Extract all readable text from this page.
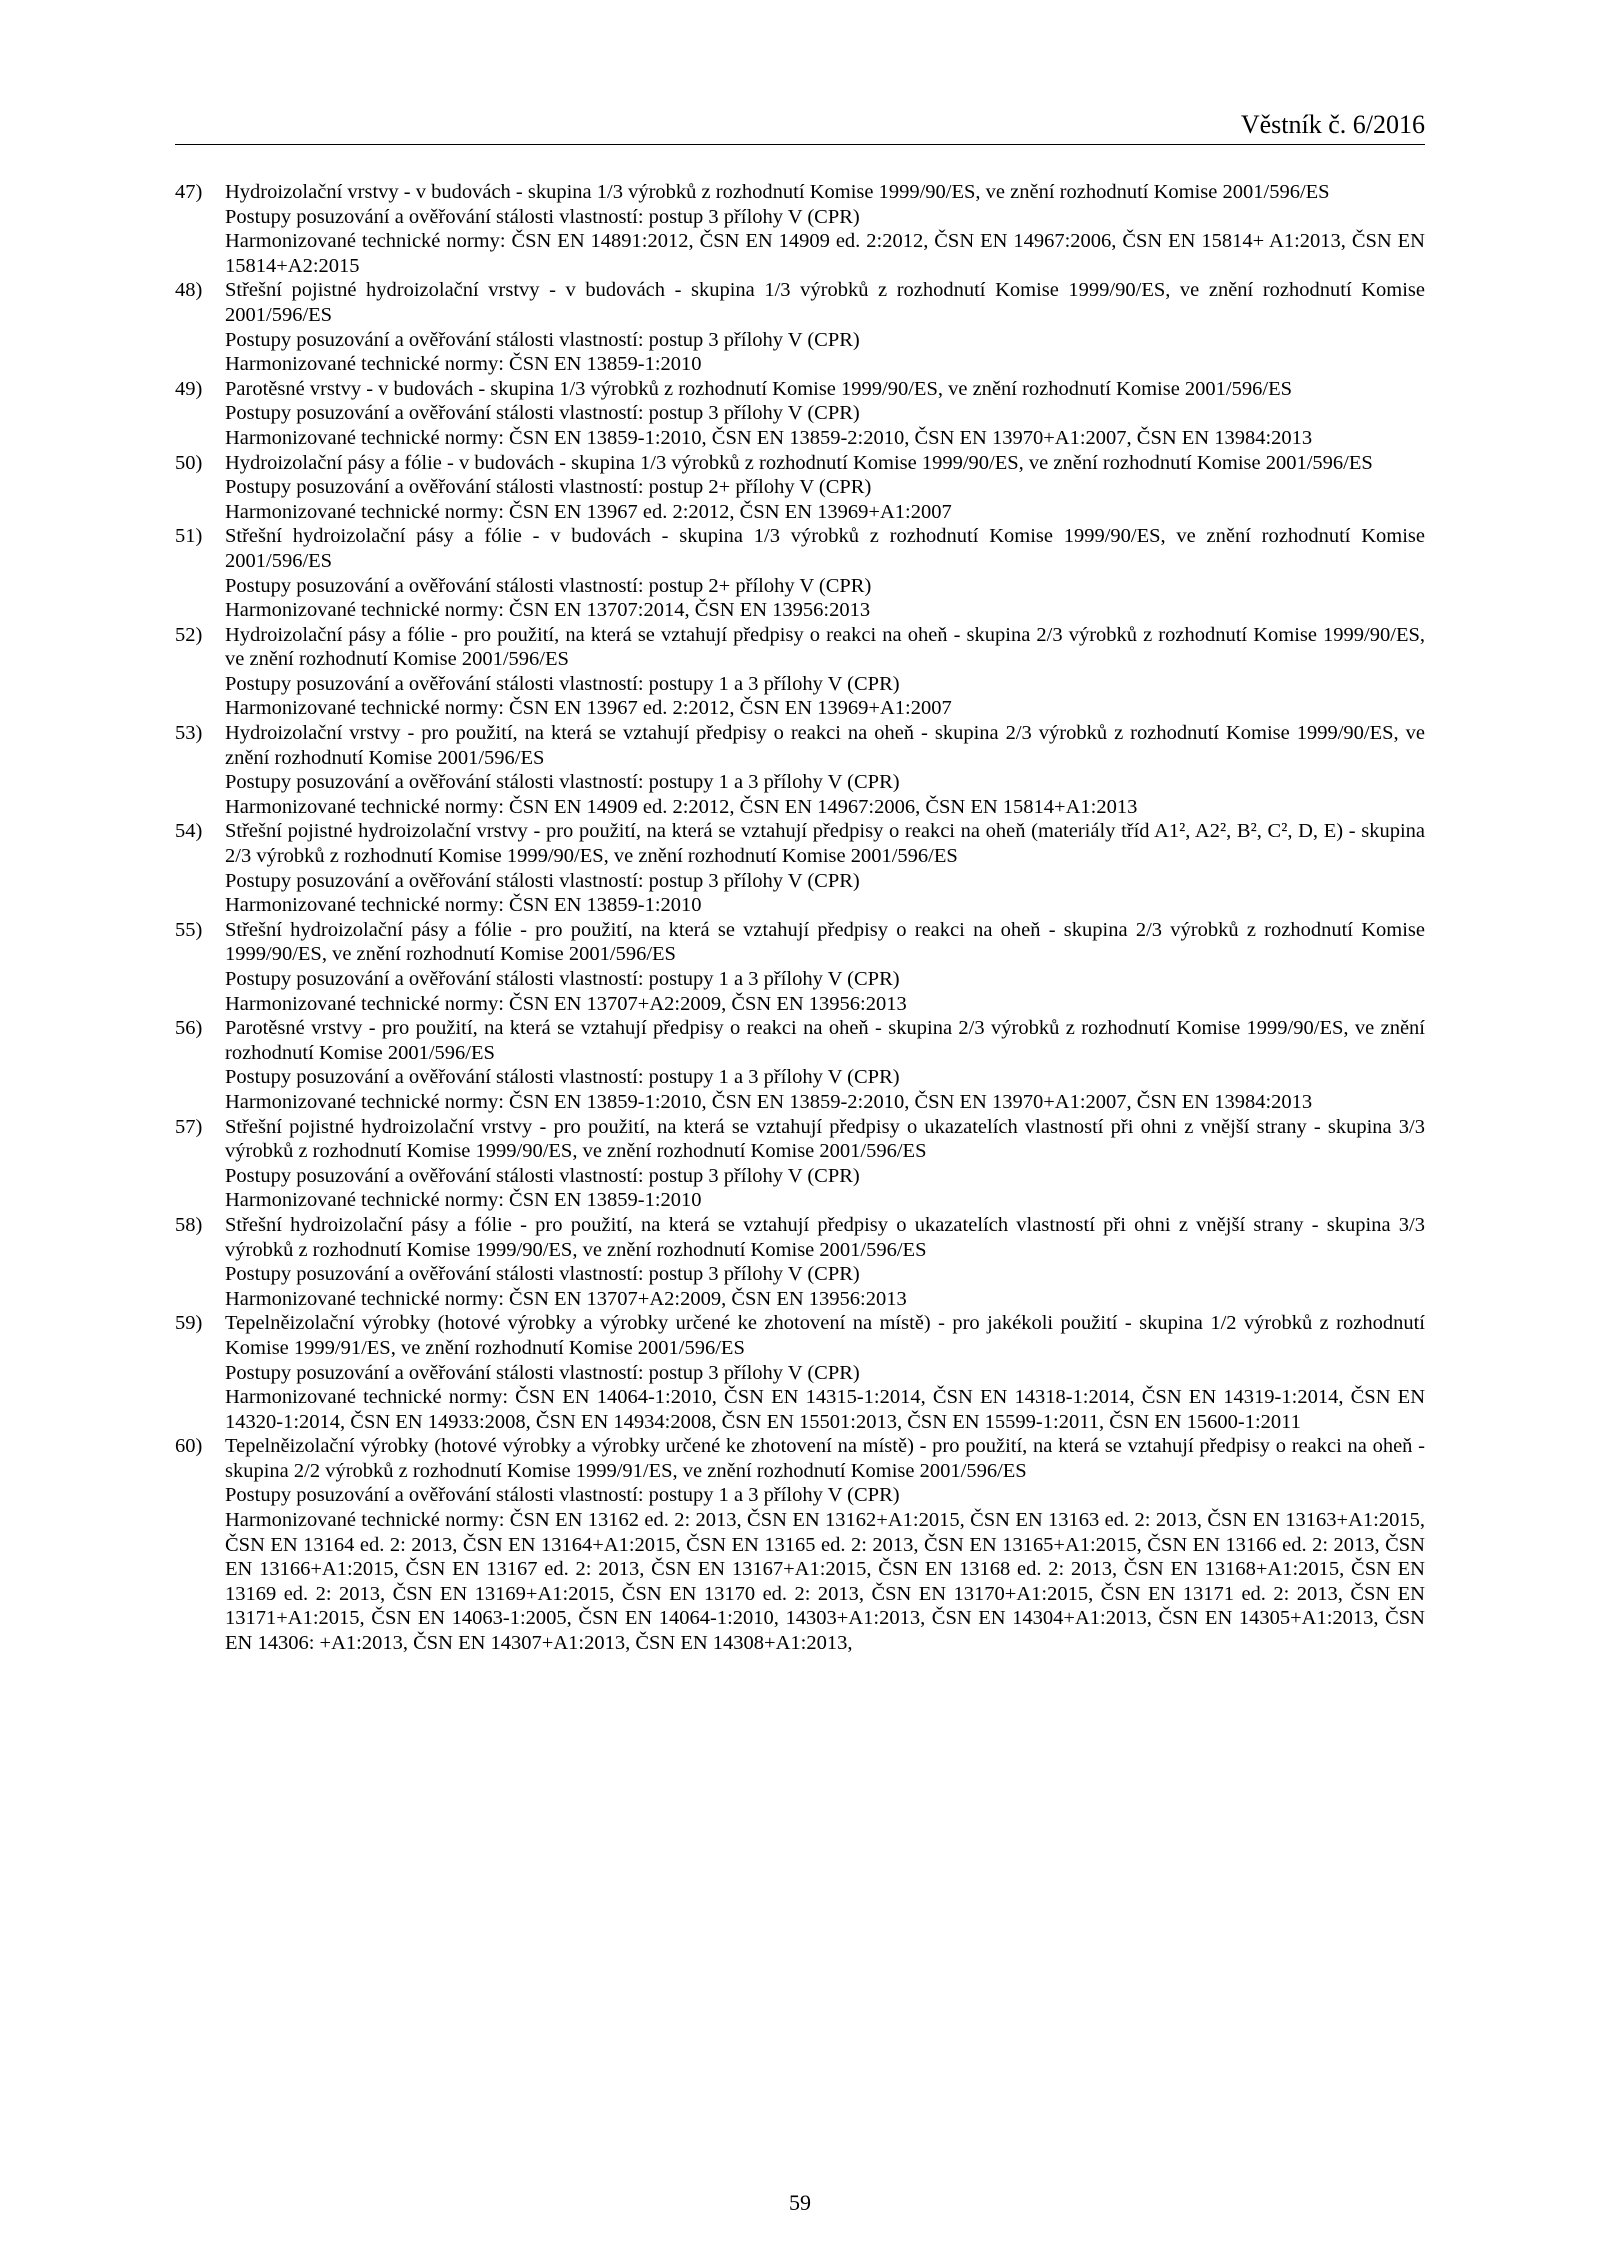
Věstník č. 6/2016
47) Hydroizolační vrstvy - v budovách - skupina 1/3 výrobků z rozhodnutí Komise 1999/90/ES, ve znění rozhodnutí Komise 2001/596/ES

Postupy posuzování a ověřování stálosti vlastností: postup 3 přílohy V (CPR)

Harmonizované technické normy: ČSN EN 14891:2012, ČSN EN 14909 ed. 2:2012, ČSN EN 14967:2006, ČSN EN 15814+ A1:2013, ČSN EN 15814+A2:2015

48) Střešní pojistné hydroizolační vrstvy - v budovách - skupina 1/3 výrobků z rozhodnutí Komise 1999/90/ES, ve znění rozhodnutí Komise 2001/596/ES

Postupy posuzování a ověřování stálosti vlastností: postup 3 přílohy V (CPR)

Harmonizované technické normy: ČSN EN 13859-1:2010

49) Parotěsné vrstvy - v budovách - skupina 1/3 výrobků z rozhodnutí Komise 1999/90/ES, ve znění rozhodnutí Komise 2001/596/ES

Postupy posuzování a ověřování stálosti vlastností: postup 3 přílohy V (CPR)

Harmonizované technické normy: ČSN EN 13859-1:2010, ČSN EN 13859-2:2010, ČSN EN 13970+A1:2007, ČSN EN 13984:2013

50) Hydroizolační pásy a fólie - v budovách - skupina 1/3 výrobků z rozhodnutí Komise 1999/90/ES, ve znění rozhodnutí Komise 2001/596/ES

Postupy posuzování a ověřování stálosti vlastností: postup 2+ přílohy V (CPR)

Harmonizované technické normy: ČSN EN 13967 ed. 2:2012, ČSN EN 13969+A1:2007

51) Střešní hydroizolační pásy a fólie - v budovách - skupina 1/3 výrobků z rozhodnutí Komise 1999/90/ES, ve znění rozhodnutí Komise 2001/596/ES

Postupy posuzování a ověřování stálosti vlastností: postup 2+ přílohy V (CPR)

Harmonizované technické normy: ČSN EN 13707:2014, ČSN EN 13956:2013

52) Hydroizolační pásy a fólie - pro použití, na která se vztahují předpisy o reakci na oheň - skupina 2/3 výrobků z rozhodnutí Komise 1999/90/ES, ve znění rozhodnutí Komise 2001/596/ES

Postupy posuzování a ověřování stálosti vlastností: postupy 1 a 3 přílohy V (CPR)

Harmonizované technické normy: ČSN EN 13967 ed. 2:2012, ČSN EN 13969+A1:2007

53) Hydroizolační vrstvy - pro použití, na která se vztahují předpisy o reakci na oheň - skupina 2/3 výrobků z rozhodnutí Komise 1999/90/ES, ve znění rozhodnutí Komise 2001/596/ES

Postupy posuzování a ověřování stálosti vlastností: postupy 1 a 3 přílohy V (CPR)

Harmonizované technické normy: ČSN EN 14909 ed. 2:2012, ČSN EN 14967:2006, ČSN EN 15814+A1:2013

54) Střešní pojistné hydroizolační vrstvy - pro použití, na která se vztahují předpisy o reakci na oheň (materiály tříd A1², A2², B², C², D, E) - skupina 2/3 výrobků z rozhodnutí Komise 1999/90/ES, ve znění rozhodnutí Komise 2001/596/ES

Postupy posuzování a ověřování stálosti vlastností: postup 3 přílohy V (CPR)

Harmonizované technické normy: ČSN EN 13859-1:2010

55) Střešní hydroizolační pásy a fólie - pro použití, na která se vztahují předpisy o reakci na oheň - skupina 2/3 výrobků z rozhodnutí Komise 1999/90/ES, ve znění rozhodnutí Komise 2001/596/ES

Postupy posuzování a ověřování stálosti vlastností: postupy 1 a 3 přílohy V (CPR)

Harmonizované technické normy: ČSN EN 13707+A2:2009, ČSN EN 13956:2013

56) Parotěsné vrstvy - pro použití, na která se vztahují předpisy o reakci na oheň - skupina 2/3 výrobků z rozhodnutí Komise 1999/90/ES, ve znění rozhodnutí Komise 2001/596/ES

Postupy posuzování a ověřování stálosti vlastností: postupy 1 a 3 přílohy V (CPR)

Harmonizované technické normy: ČSN EN 13859-1:2010, ČSN EN 13859-2:2010, ČSN EN 13970+A1:2007, ČSN EN 13984:2013

57) Střešní pojistné hydroizolační vrstvy - pro použití, na která se vztahují předpisy o ukazatelích vlastností při ohni z vnější strany - skupina 3/3 výrobků z rozhodnutí Komise 1999/90/ES, ve znění rozhodnutí Komise 2001/596/ES

Postupy posuzování a ověřování stálosti vlastností: postup 3 přílohy V (CPR)

Harmonizované technické normy: ČSN EN 13859-1:2010

58) Střešní hydroizolační pásy a fólie - pro použití, na která se vztahují předpisy o ukazatelích vlastností při ohni z vnější strany - skupina 3/3 výrobků z rozhodnutí Komise 1999/90/ES, ve znění rozhodnutí Komise 2001/596/ES

Postupy posuzování a ověřování stálosti vlastností: postup 3 přílohy V (CPR)

Harmonizované technické normy: ČSN EN 13707+A2:2009, ČSN EN 13956:2013

59) Tepelněizolační výrobky (hotové výrobky a výrobky určené ke zhotovení na místě) - pro jakékoli použití - skupina 1/2 výrobků z rozhodnutí Komise 1999/91/ES, ve znění rozhodnutí Komise 2001/596/ES

Postupy posuzování a ověřování stálosti vlastností: postup 3 přílohy V (CPR)

Harmonizované technické normy: ČSN EN 14064-1:2010, ČSN EN 14315-1:2014, ČSN EN 14318-1:2014, ČSN EN 14319-1:2014, ČSN EN 14320-1:2014, ČSN EN 14933:2008, ČSN EN 14934:2008, ČSN EN 15501:2013, ČSN EN 15599-1:2011, ČSN EN 15600-1:2011

60) Tepelněizolační výrobky (hotové výrobky a výrobky určené ke zhotovení na místě) - pro použití, na která se vztahují předpisy o reakci na oheň - skupina 2/2 výrobků z rozhodnutí Komise 1999/91/ES, ve znění rozhodnutí Komise 2001/596/ES

Postupy posuzování a ověřování stálosti vlastností: postupy 1 a 3 přílohy V (CPR)

Harmonizované technické normy: ČSN EN 13162 ed. 2: 2013, ČSN EN 13162+A1:2015, ČSN EN 13163 ed. 2: 2013, ČSN EN 13163+A1:2015, ČSN EN 13164 ed. 2: 2013, ČSN EN 13164+A1:2015, ČSN EN 13165 ed. 2: 2013, ČSN EN 13165+A1:2015, ČSN EN 13166 ed. 2: 2013, ČSN EN 13166+A1:2015, ČSN EN 13167 ed. 2: 2013, ČSN EN 13167+A1:2015, ČSN EN 13168 ed. 2: 2013, ČSN EN 13168+A1:2015, ČSN EN 13169 ed. 2: 2013, ČSN EN 13169+A1:2015, ČSN EN 13170 ed. 2: 2013, ČSN EN 13170+A1:2015, ČSN EN 13171 ed. 2: 2013, ČSN EN 13171+A1:2015, ČSN EN 14063-1:2005, ČSN EN 14064-1:2010, 14303+A1:2013, ČSN EN 14304+A1:2013, ČSN EN 14305+A1:2013, ČSN EN 14306: +A1:2013, ČSN EN 14307+A1:2013, ČSN EN 14308+A1:2013,

59
